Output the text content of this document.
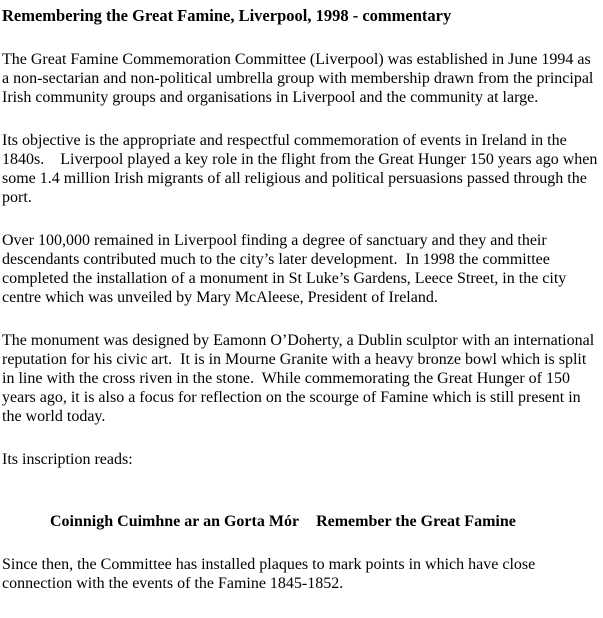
Remembering the Great Famine, Liverpool, 1998 - commentary

The Great Famine Commemoration Committee (Liverpool) was established in June 1994 as a non-sectarian and non-political umbrella group with membership drawn from the principal Irish community groups and organisations in Liverpool and the community at large.

Its objective is the appropriate and respectful commemoration of events in Ireland in the 1840s.    Liverpool played a key role in the flight from the Great Hunger 150 years ago when some 1.4 million Irish migrants of all religious and political persuasions passed through the port.

Over 100,000 remained in Liverpool finding a degree of sanctuary and they and their descendants contributed much to the city’s later development.  In 1998 the committee completed the installation of a monument in St Luke’s Gardens, Leece Street, in the city centre which was unveiled by Mary McAleese, President of Ireland.

The monument was designed by Eamonn O’Doherty, a Dublin sculptor with an international reputation for his civic art.  It is in Mourne Granite with a heavy bronze bowl which is split in line with the cross riven in the stone.  While commemorating the Great Hunger of 150 years ago, it is also a focus for reflection on the scourge of Famine which is still present in the world today.

Its inscription reads:

Coinnigh Cuimhne ar an Gorta Mór Remember the Great Famine

Since then, the Committee has installed plaques to mark points in which have close connection with the events of the Famine 1845-1852.
